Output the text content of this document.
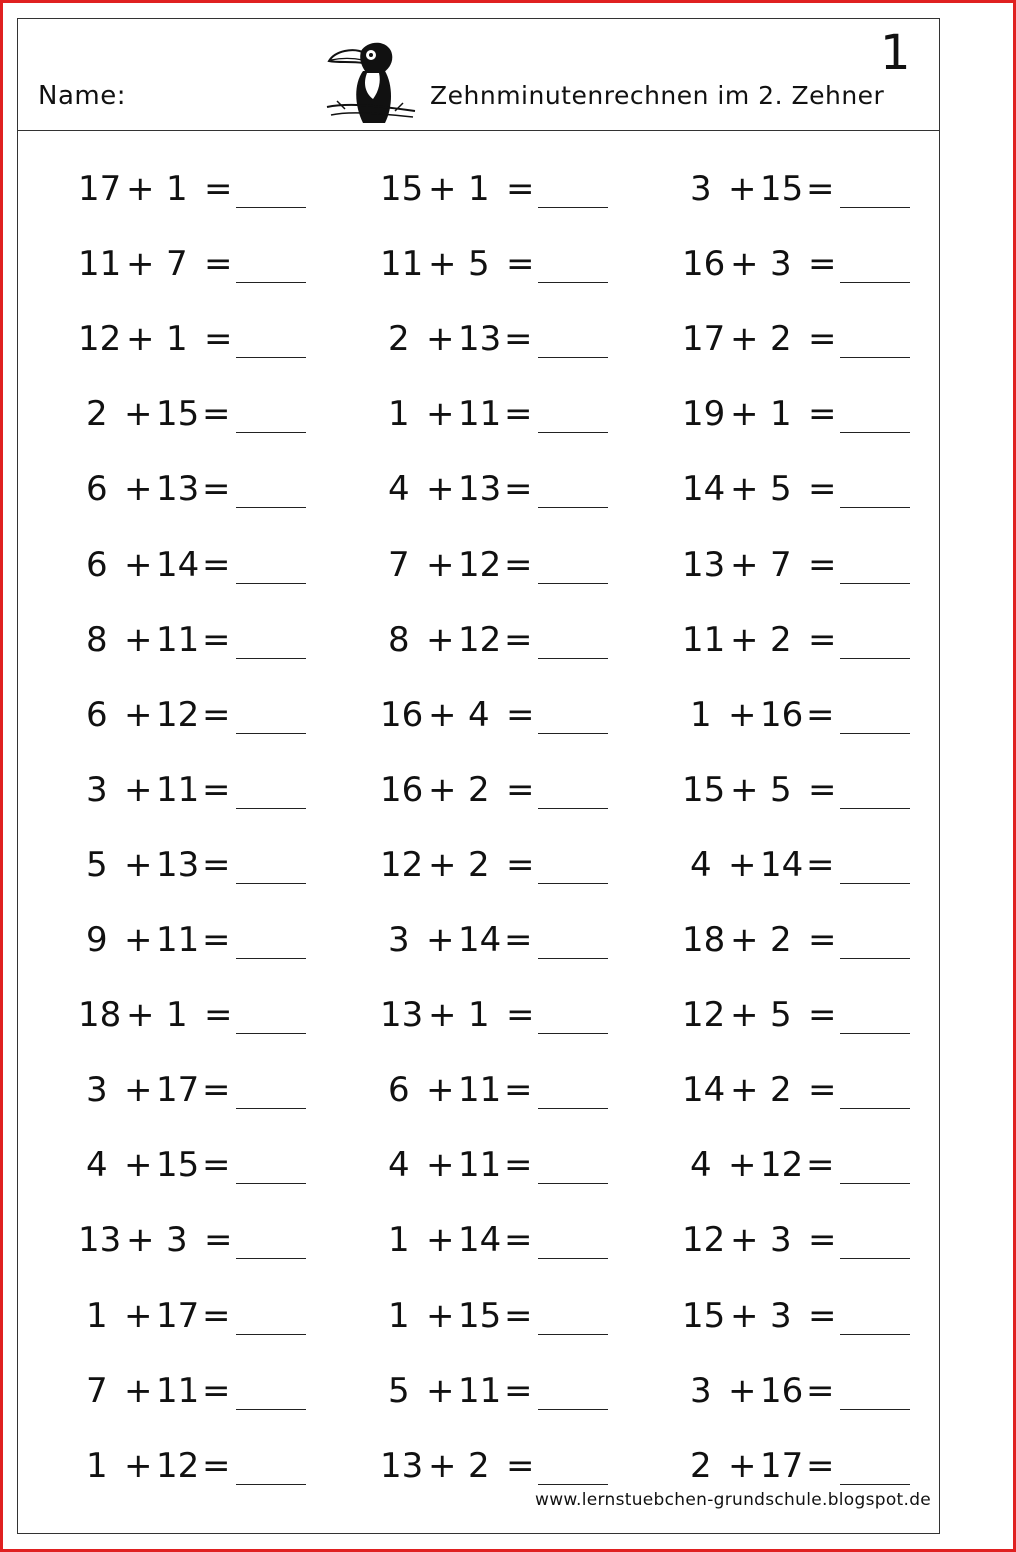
Name:	Zehnminutenrechnen im 2. Zehner
1
17 + 1 =
11 + 7 =
12 + 1 =
2 + 15 =
6 + 13 =
6 + 14 =
8 + 11 =
6 + 12 =
3 + 11 =
5 + 13 =
9 + 11 =
18 + 1 =
3 + 17 =
4 + 15 =
13 + 3 =
1 + 17 =
7 + 11 =
1 + 12 =
15 + 1 =
11 + 5 =
2 + 13 =
1 + 11 =
4 + 13 =
7 + 12 =
8 + 12 =
16 + 4 =
16 + 2 =
12 + 2 =
3 + 14 =
13 + 1 =
6 + 11 =
4 + 11 =
1 + 14 =
1 + 15 =
5 + 11 =
13 + 2 =
3 + 15 =
16 + 3 =
17 + 2 =
19 + 1 =
14 + 5 =
13 + 7 =
11 + 2 =
1 + 16 =
15 + 5 =
4 + 14 =
18 + 2 =
12 + 5 =
14 + 2 =
4 + 12 =
12 + 3 =
15 + 3 =
3 + 16 =
2 + 17 =
www.lernstuebchen-grundschule.blogspot.de
